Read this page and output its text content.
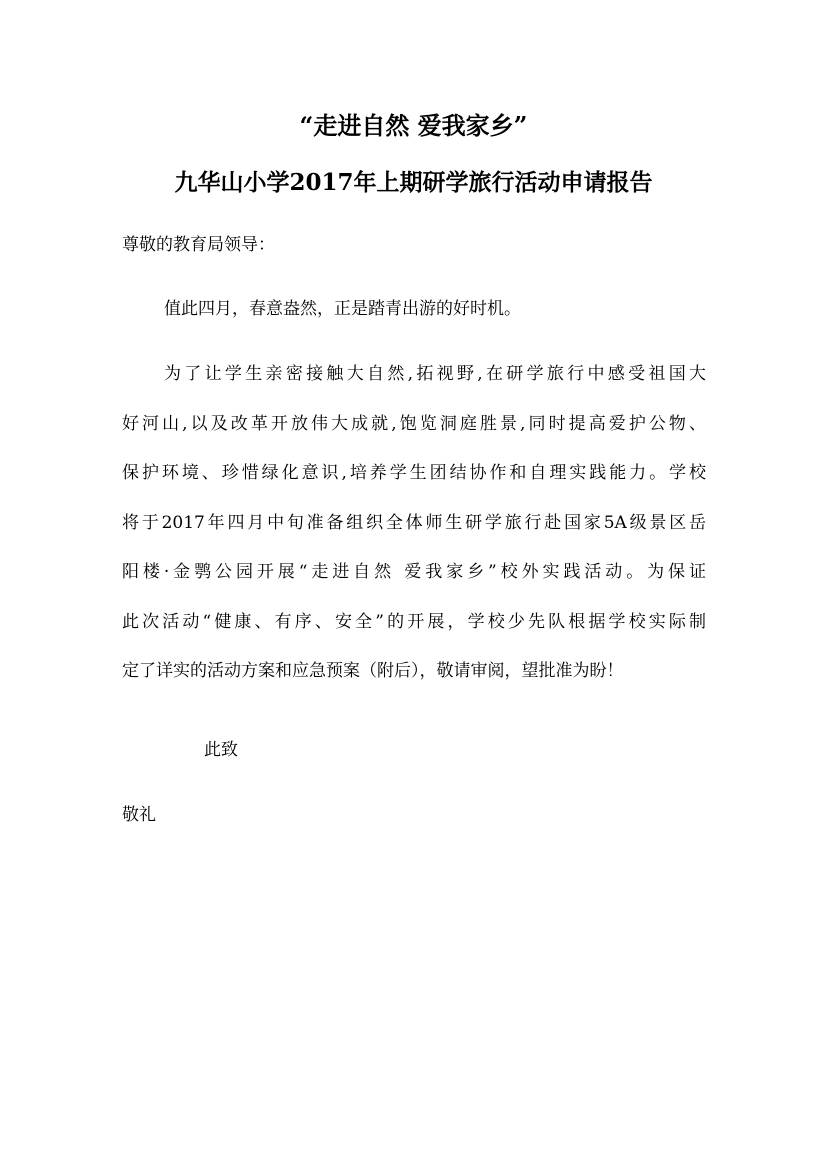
“走进自然 爱我家乡”
九华山小学2017年上期研学旅行活动申请报告
尊敬的教育局领导：
值此四月，春意盎然，正是踏青出游的好时机。
为了让学生亲密接触大自然,拓视野,在研学旅行中感受祖国大
好河山,以及改革开放伟大成就,饱览洞庭胜景,同时提高爱护公物、
保护环境、珍惜绿化意识,培养学生团结协作和自理实践能力。学校
将于2017年四月中旬准备组织全体师生研学旅行赴国家5A级景区岳
阳楼·金鹗公园开展“走进自然 爱我家乡”校外实践活动。为保证
此次活动“健康、有序、安全”的开展，学校少先队根据学校实际制
定了详实的活动方案和应急预案（附后），敬请审阅，望批准为盼！
此致
敬礼
